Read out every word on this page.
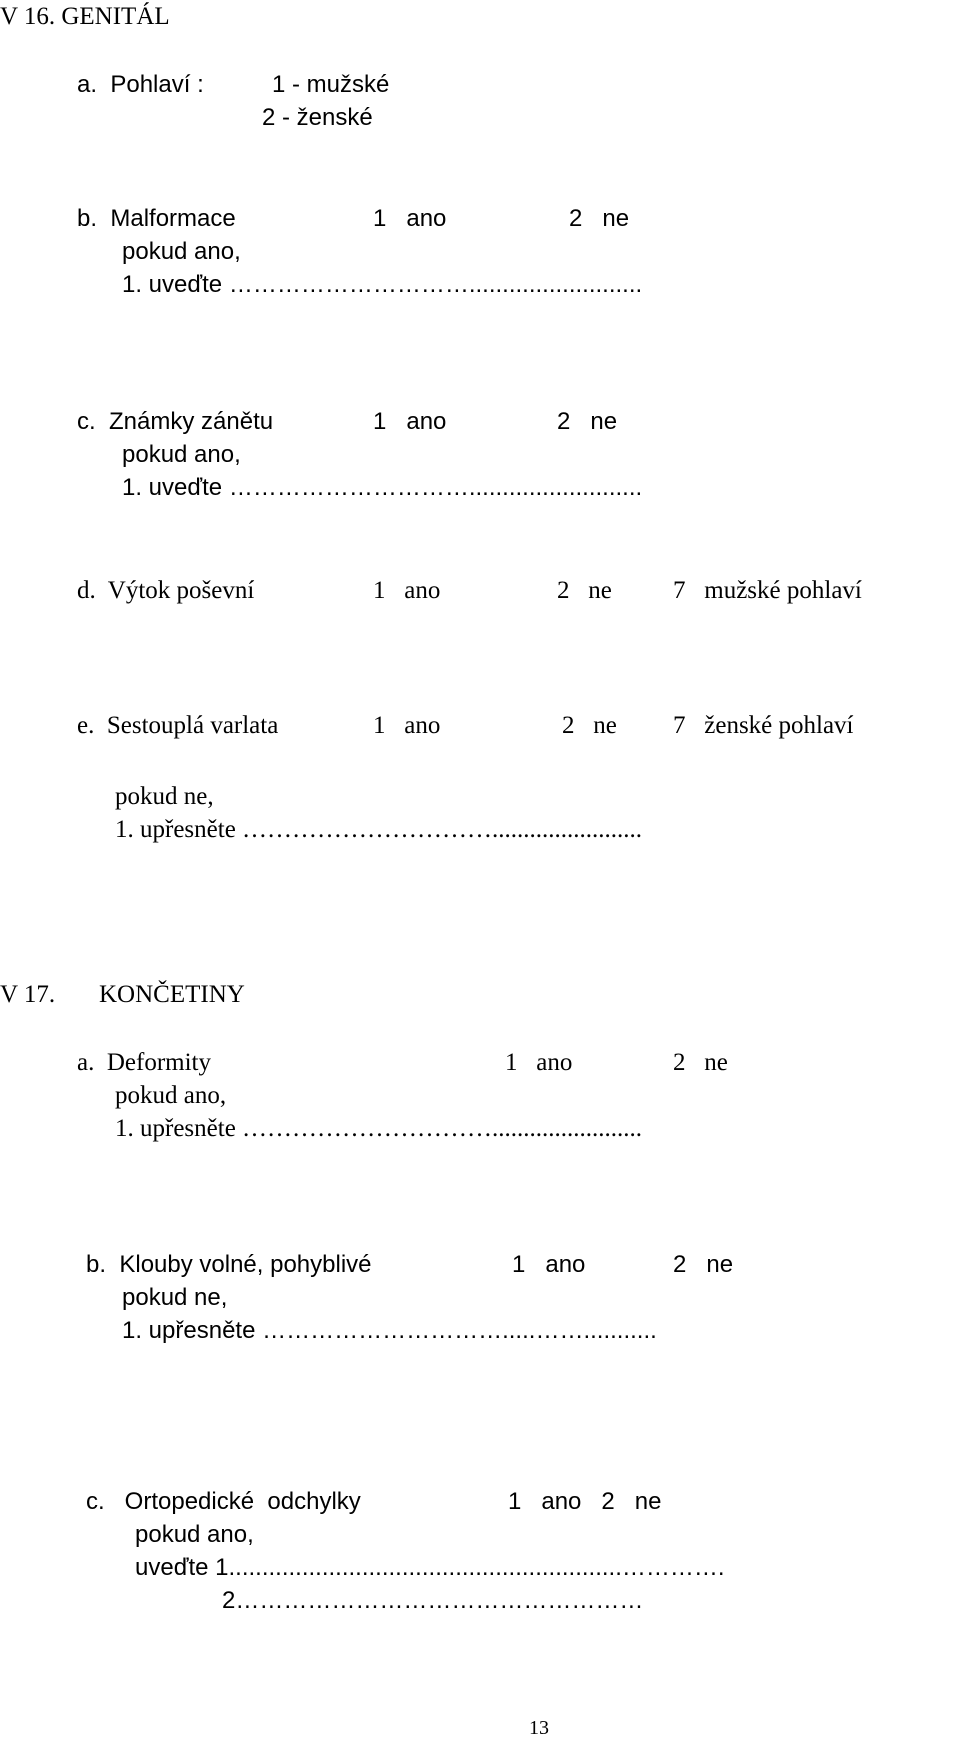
V 16. GENITÁL
a.  Pohlaví :	1 - mužské
2 - ženské
b.  Malformace	1   ano	2   ne
pokud ano,
1. uveďte …………………………..........................
c.  Známky zánětu	1   ano	2   ne
pokud ano,
1. uveďte …………………………..........................
d.  Výtok poševní	1   ano	2   ne 7   mužské pohlaví
e.  Sestouplá varlata	1   ano	2   ne 7   ženské pohlaví
pokud ne,
1. upřesněte …………………………........................
V 17. KONČETINY
a.  Deformity	1   ano	2   ne
pokud ano,
1. upřesněte …………………………........................
b.  Klouby volné, pohyblivé	1   ano	2   ne
pokud ne,
1. upřesněte ………………………….....……...........
c.   Ortopedické  odchylky	1   ano   2   ne
pokud ano,
uveďte 1...........................................................………….
2……………………………………………
13
